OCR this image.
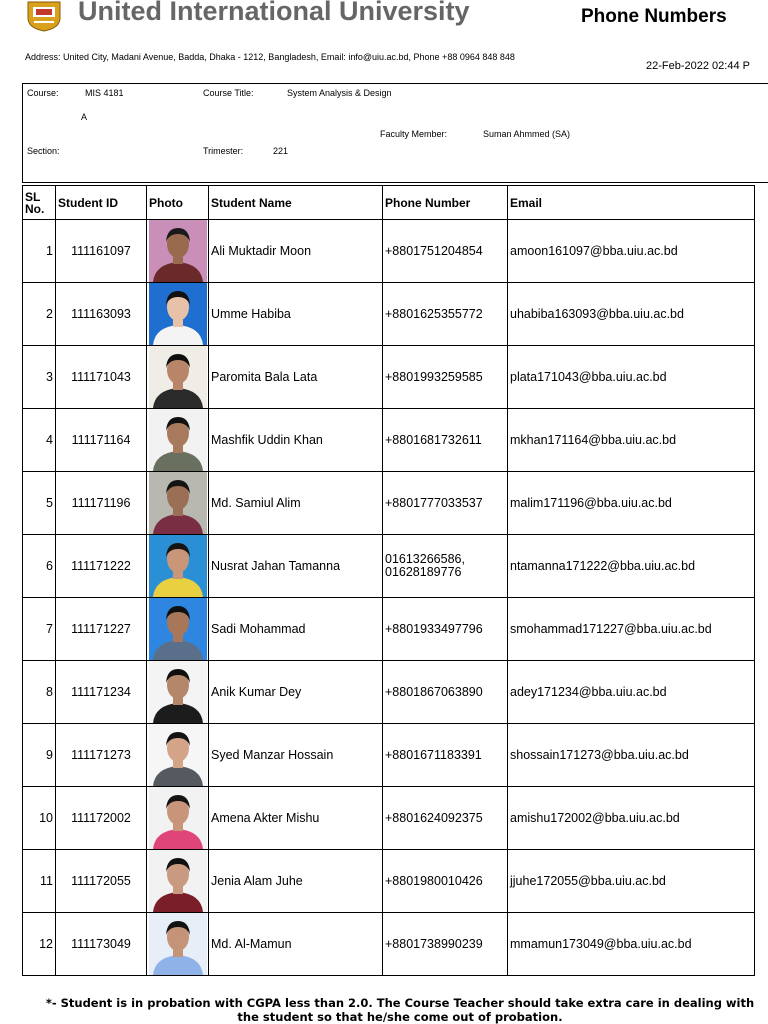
United International University	Phone Numbers
Address: United City, Madani Avenue, Badda, Dhaka - 1212, Bangladesh, Email: info@uiu.ac.bd, Phone +88 0964 848 848
22-Feb-2022 02:44 P
Course:	MIS 4181	Course Title:	System Analysis & Design
A
Faculty Member:	Suman Ahmmed (SA)
Section:	Trimester:	221
SL No.	Student ID	Photo	Student Name	Phone Number	Email
1	111161097		Ali Muktadir Moon	+8801751204854	amoon161097@bba.uiu.ac.bd
2	111163093		Umme Habiba	+8801625355772	uhabiba163093@bba.uiu.ac.bd
3	111171043		Paromita Bala Lata	+8801993259585	plata171043@bba.uiu.ac.bd
4	111171164		Mashfik Uddin Khan	+8801681732611	mkhan171164@bba.uiu.ac.bd
5	111171196		Md. Samiul Alim	+8801777033537	malim171196@bba.uiu.ac.bd
6	111171222		Nusrat Jahan Tamanna	01613266586, 01628189776	ntamanna171222@bba.uiu.ac.bd
7	111171227		Sadi Mohammad	+8801933497796	smohammad171227@bba.uiu.ac.bd
8	111171234		Anik Kumar Dey	+8801867063890	adey171234@bba.uiu.ac.bd
9	111171273		Syed Manzar Hossain	+8801671183391	shossain171273@bba.uiu.ac.bd
10	111172002		Amena Akter Mishu	+8801624092375	amishu172002@bba.uiu.ac.bd
11	111172055		Jenia Alam Juhe	+8801980010426	jjuhe172055@bba.uiu.ac.bd
12	111173049		Md. Al-Mamun	+8801738990239	mmamun173049@bba.uiu.ac.bd
*- Student is in probation with CGPA less than 2.0. The Course Teacher should take extra care in dealing with the student so that he/she come out of probation.
